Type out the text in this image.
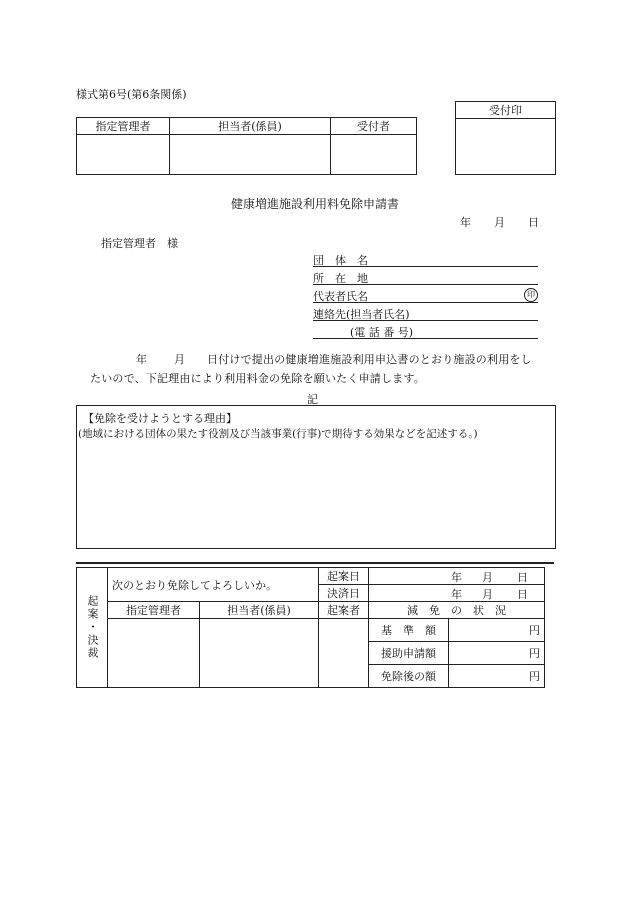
様式第6号(第6条関係)
指定管理者	担当者(係員)	受付者

受付印

健康増進施設利用料免除申請書
年 月 日
指定管理者　様
団　体　名
所　在　地
代表者氏名	印
連絡先(担当者氏名)
(電 話 番 号)
年 月 日付けで提出の健康増進施設利用申込書のとおり施設の利用をし
たいので、下記理由により利用料金の免除を願いたく申請します。
記
【免除を受けようとする理由】
(地域における団体の果たす役割及び当該事業(行事)で期待する効果などを記述する。)
起案・決裁	次のとおり免除してよろしいか。		起案日	年 月 日	

			決済日	年 月 日	

	指定管理者	担当者(係員)	起案者	減　免　の　状　況	
				基　準　額	円
				援助申請額	円
				免除後の額	円
